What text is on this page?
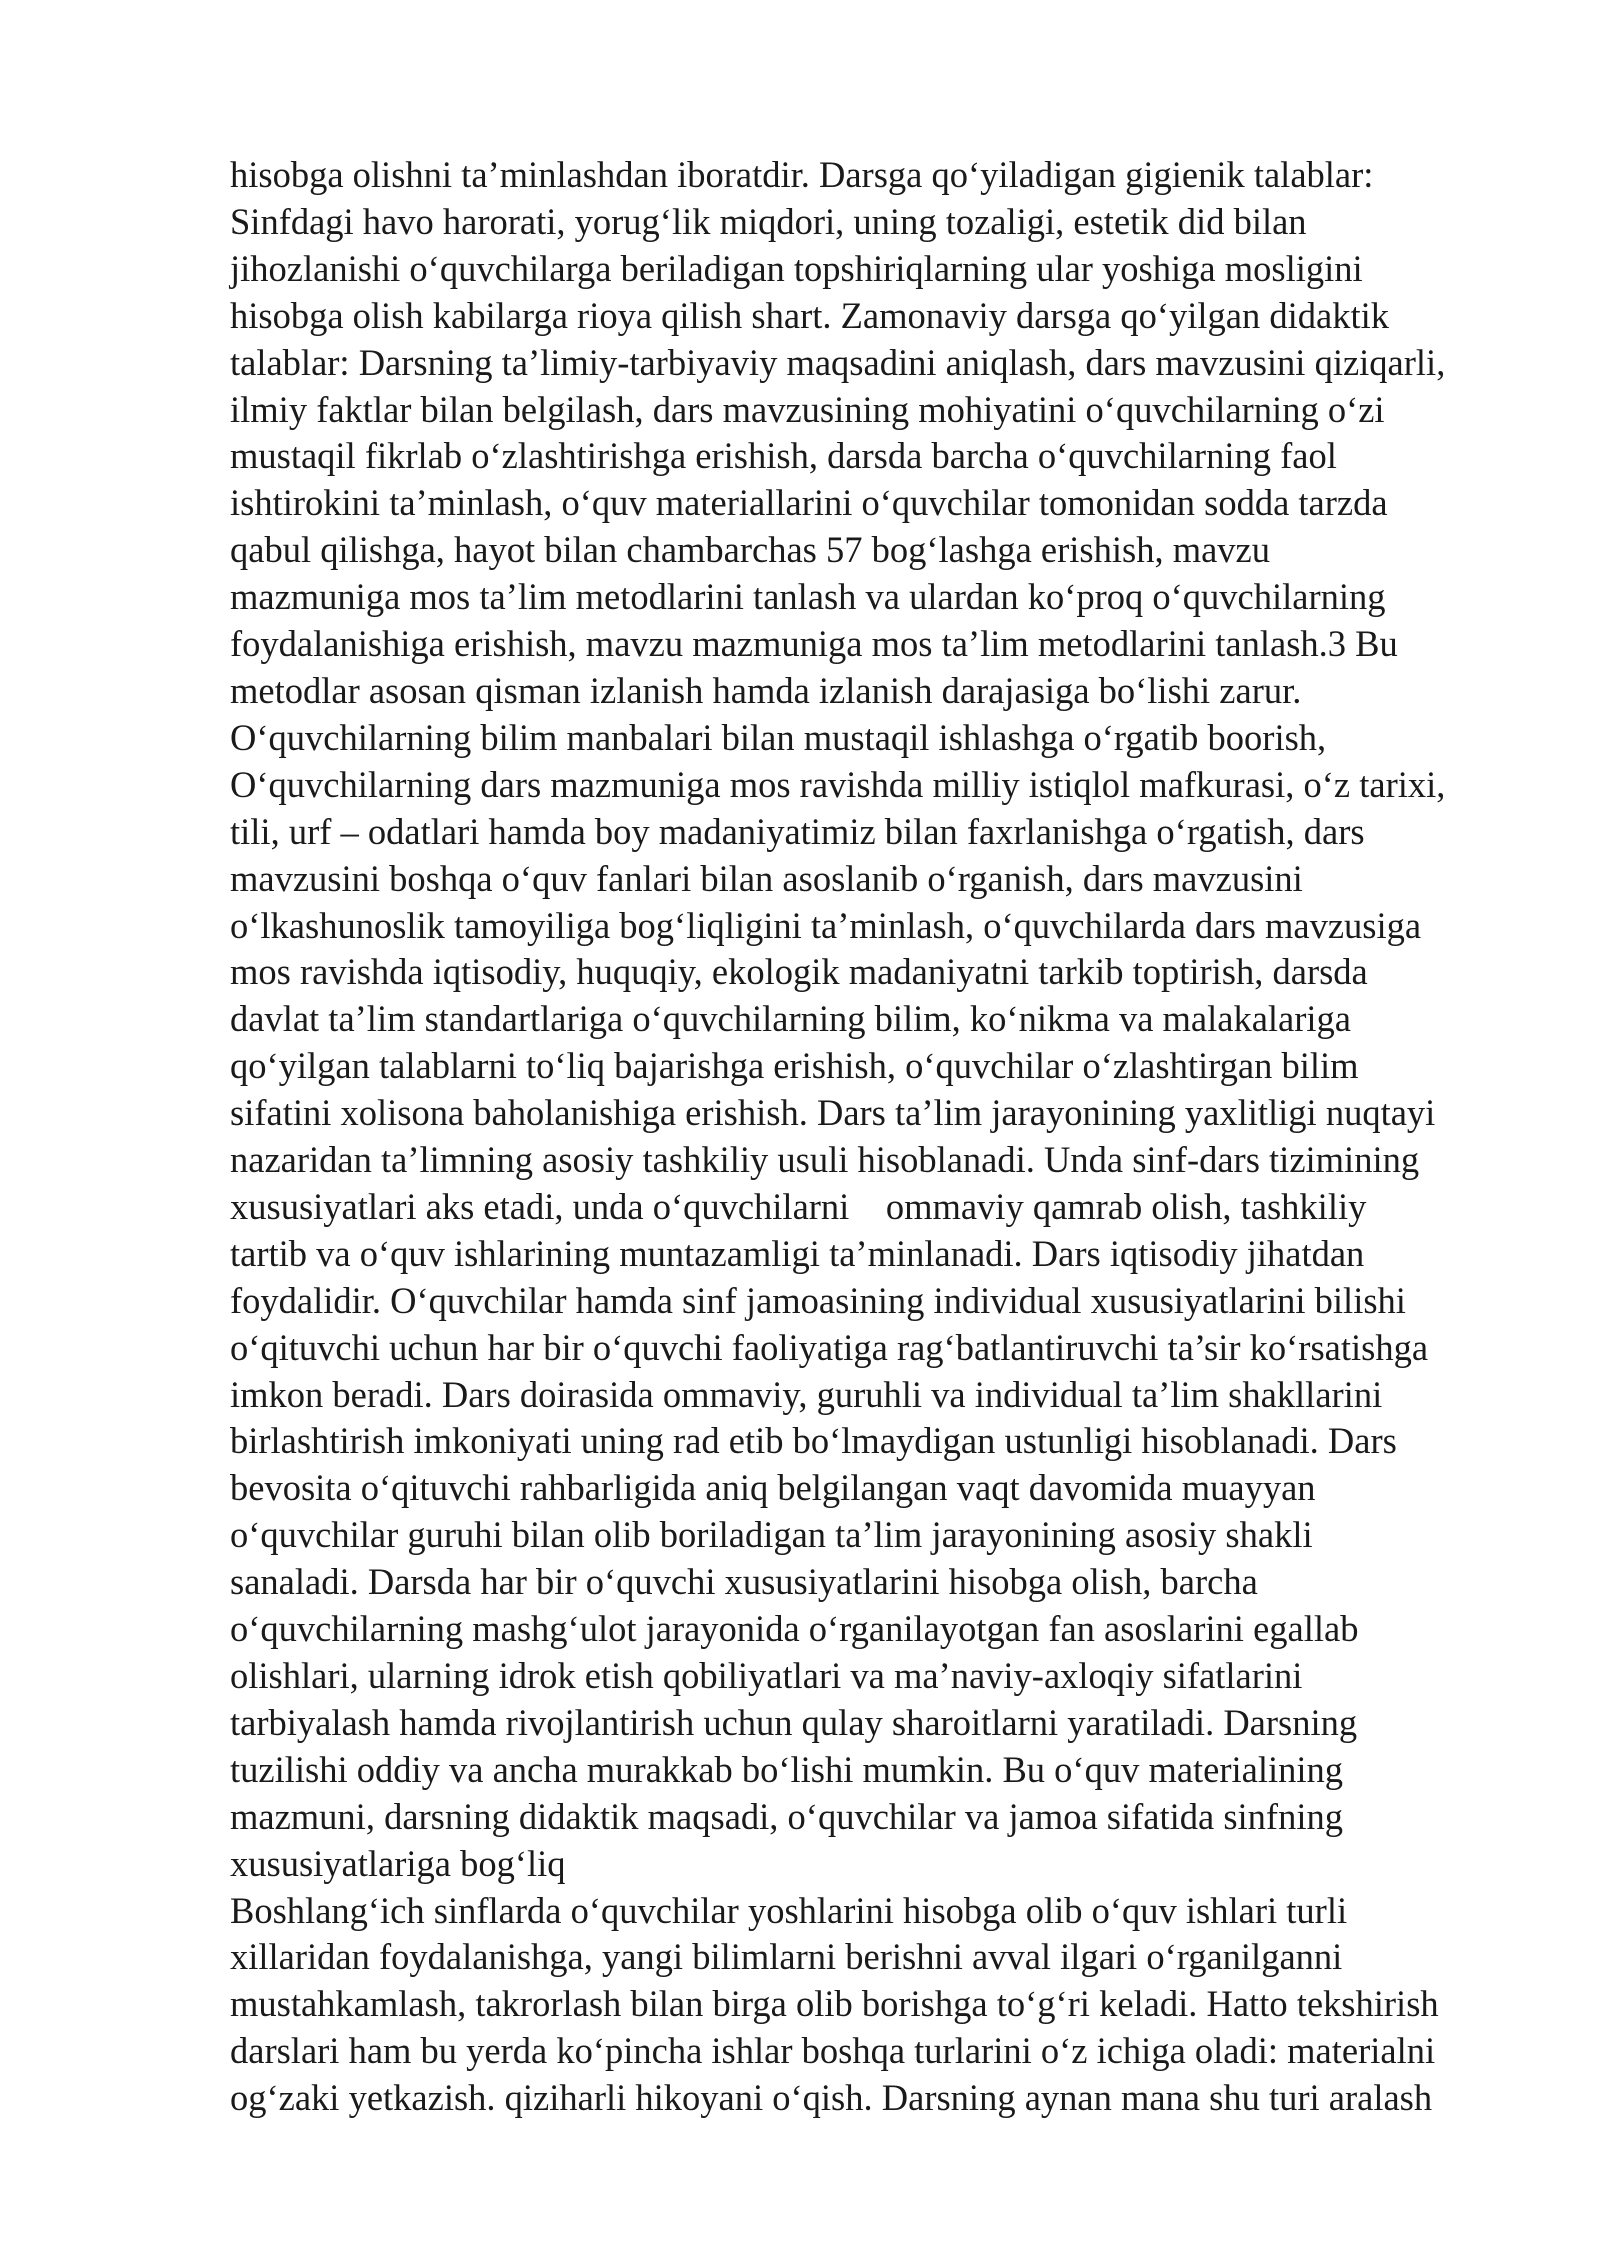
hisobga olishni ta’minlashdan iboratdir. Darsga qo‘yiladigan gigienik talablar:
Sinfdagi havo harorati, yorug‘lik miqdori, uning tozaligi, estetik did bilan
jihozlanishi o‘quvchilarga beriladigan topshiriqlarning ular yoshiga mosligini
hisobga olish kabilarga rioya qilish shart. Zamonaviy darsga qo‘yilgan didaktik
talablar: Darsning ta’limiy-tarbiyaviy maqsadini aniqlash, dars mavzusini qiziqarli,
ilmiy faktlar bilan belgilash, dars mavzusining mohiyatini o‘quvchilarning o‘zi
mustaqil fikrlab o‘zlashtirishga erishish, darsda barcha o‘quvchilarning faol
ishtirokini ta’minlash, o‘quv materiallarini o‘quvchilar tomonidan sodda tarzda
qabul qilishga, hayot bilan chambarchas 57 bog‘lashga erishish, mavzu
mazmuniga mos ta’lim metodlarini tanlash va ulardan ko‘proq o‘quvchilarning
foydalanishiga erishish, mavzu mazmuniga mos ta’lim metodlarini tanlash.3 Bu
metodlar asosan qisman izlanish hamda izlanish darajasiga bo‘lishi zarur.
O‘quvchilarning bilim manbalari bilan mustaqil ishlashga o‘rgatib boorish,
O‘quvchilarning dars mazmuniga mos ravishda milliy istiqlol mafkurasi, o‘z tarixi,
tili, urf – odatlari hamda boy madaniyatimiz bilan faxrlanishga o‘rgatish, dars
mavzusini boshqa o‘quv fanlari bilan asoslanib o‘rganish, dars mavzusini
o‘lkashunoslik tamoyiliga bog‘liqligini ta’minlash, o‘quvchilarda dars mavzusiga
mos ravishda iqtisodiy, huquqiy, ekologik madaniyatni tarkib toptirish, darsda
davlat ta’lim standartlariga o‘quvchilarning bilim, ko‘nikma va malakalariga
qo‘yilgan talablarni to‘liq bajarishga erishish, o‘quvchilar o‘zlashtirgan bilim
sifatini xolisona baholanishiga erishish. Dars ta’lim jarayonining yaxlitligi nuqtayi
nazaridan ta’limning asosiy tashkiliy usuli hisoblanadi. Unda sinf-dars tizimining
xususiyatlari aks etadi, unda o‘quvchilarni    ommaviy qamrab olish, tashkiliy
tartib va o‘quv ishlarining muntazamligi ta’minlanadi. Dars iqtisodiy jihatdan
foydalidir. O‘quvchilar hamda sinf jamoasining individual xususiyatlarini bilishi
o‘qituvchi uchun har bir o‘quvchi faoliyatiga rag‘batlantiruvchi ta’sir ko‘rsatishga
imkon beradi. Dars doirasida ommaviy, guruhli va individual ta’lim shakllarini
birlashtirish imkoniyati uning rad etib bo‘lmaydigan ustunligi hisoblanadi. Dars
bevosita o‘qituvchi rahbarligida aniq belgilangan vaqt davomida muayyan
o‘quvchilar guruhi bilan olib boriladigan ta’lim jarayonining asosiy shakli
sanaladi. Darsda har bir o‘quvchi xususiyatlarini hisobga olish, barcha
o‘quvchilarning mashg‘ulot jarayonida o‘rganilayotgan fan asoslarini egallab
olishlari, ularning idrok etish qobiliyatlari va ma’naviy-axloqiy sifatlarini
tarbiyalash hamda rivojlantirish uchun qulay sharoitlarni yaratiladi. Darsning
tuzilishi oddiy va ancha murakkab bo‘lishi mumkin. Bu o‘quv materialining
mazmuni, darsning didaktik maqsadi, o‘quvchilar va jamoa sifatida sinfning
xususiyatlariga bog‘liq
Boshlang‘ich sinflarda o‘quvchilar yoshlarini hisobga olib o‘quv ishlari turli
xillaridan foydalanishga, yangi bilimlarni berishni avval ilgari o‘rganilganni
mustahkamlash, takrorlash bilan birga olib borishga to‘g‘ri keladi. Hatto tekshirish
darslari ham bu yerda ko‘pincha ishlar boshqa turlarini o‘z ichiga oladi: materialni
og‘zaki yetkazish. qiziharli hikoyani o‘qish. Darsning aynan mana shu turi aralash
